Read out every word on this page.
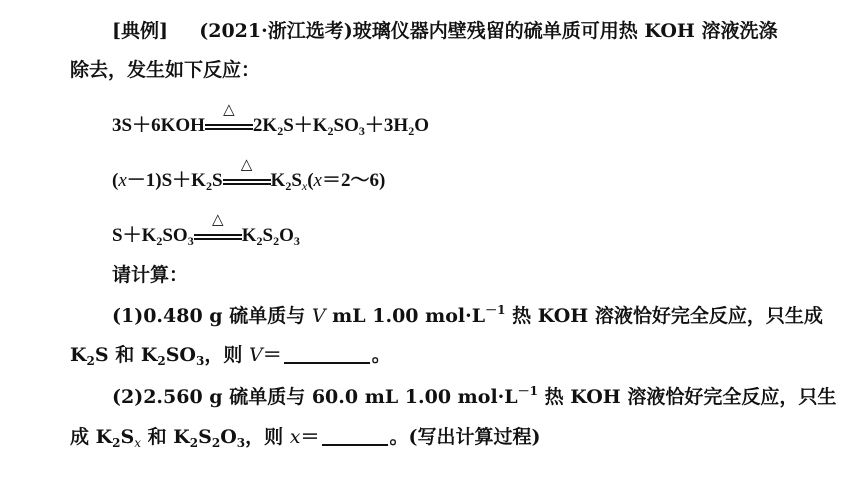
[典例] (2021·浙江选考)玻璃仪器内壁残留的硫单质可用热 KOH 溶液洗涤
除去，发生如下反应：
3S＋6KOH
△
$2K_2S+K_2SO_3+3H_2O$
$(x-1)S+K_2S$
△
$K_2S_x(x=2\sim 6)$
$S+K_2SO_3$
△
$K_2S_2O_3$
请计算：
(1)0.480 g 硫单质与 V mL 1.00 $mol\cdot L^{-1}$ 热 KOH 溶液恰好完全反应，只生成
$K_2S$ 和 $K_2SO_3$，则 V＝	。
(2)2.560 g 硫单质与 60.0 mL 1.00 $mol\cdot L^{-1}$ 热 KOH 溶液恰好完全反应，只生
成 $K_2S_x$ 和 $K_2S_2O_3$，则 x＝	。(写出计算过程)
